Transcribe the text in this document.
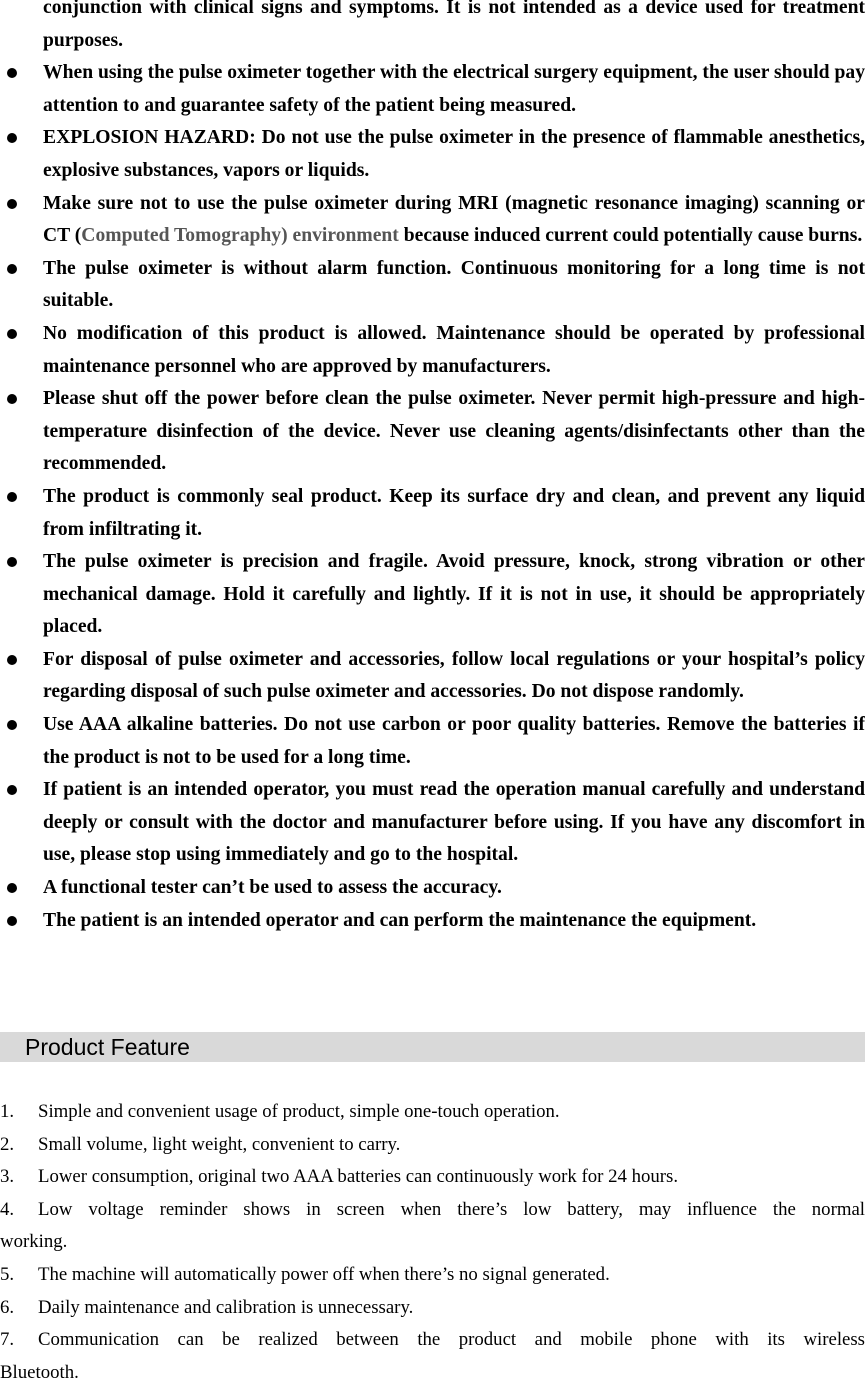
conjunction with clinical signs and symptoms. It is not intended as a device used for treatment purposes.
When using the pulse oximeter together with the electrical surgery equipment, the user should pay attention to and guarantee safety of the patient being measured.
EXPLOSION HAZARD: Do not use the pulse oximeter in the presence of flammable anesthetics, explosive substances, vapors or liquids.
Make sure not to use the pulse oximeter during MRI (magnetic resonance imaging) scanning or CT (Computed Tomography) environment because induced current could potentially cause burns.
The pulse oximeter is without alarm function. Continuous monitoring for a long time is not suitable.
No modification of this product is allowed. Maintenance should be operated by professional maintenance personnel who are approved by manufacturers.
Please shut off the power before clean the pulse oximeter. Never permit high-pressure and high-temperature disinfection of the device. Never use cleaning agents/disinfectants other than the recommended.
The product is commonly seal product. Keep its surface dry and clean, and prevent any liquid from infiltrating it.
The pulse oximeter is precision and fragile. Avoid pressure, knock, strong vibration or other mechanical damage. Hold it carefully and lightly. If it is not in use, it should be appropriately placed.
For disposal of pulse oximeter and accessories, follow local regulations or your hospital’s policy regarding disposal of such pulse oximeter and accessories. Do not dispose randomly.
Use AAA alkaline batteries. Do not use carbon or poor quality batteries. Remove the batteries if the product is not to be used for a long time.
If patient is an intended operator, you must read the operation manual carefully and understand deeply or consult with the doctor and manufacturer before using. If you have any discomfort in use, please stop using immediately and go to the hospital.
A functional tester can’t be used to assess the accuracy.
The patient is an intended operator and can perform the maintenance the equipment.
Product Feature
1.	Simple and convenient usage of product, simple one-touch operation.
2.	Small volume, light weight, convenient to carry.
3.	Lower consumption, original two AAA batteries can continuously work for 24 hours.
4.	Low voltage reminder shows in screen when there’s low battery, may influence the normal
working.
5.	The machine will automatically power off when there’s no signal generated.
6.	Daily maintenance and calibration is unnecessary.
7.	Communication can be realized between the product and mobile phone with its wireless
Bluetooth.
